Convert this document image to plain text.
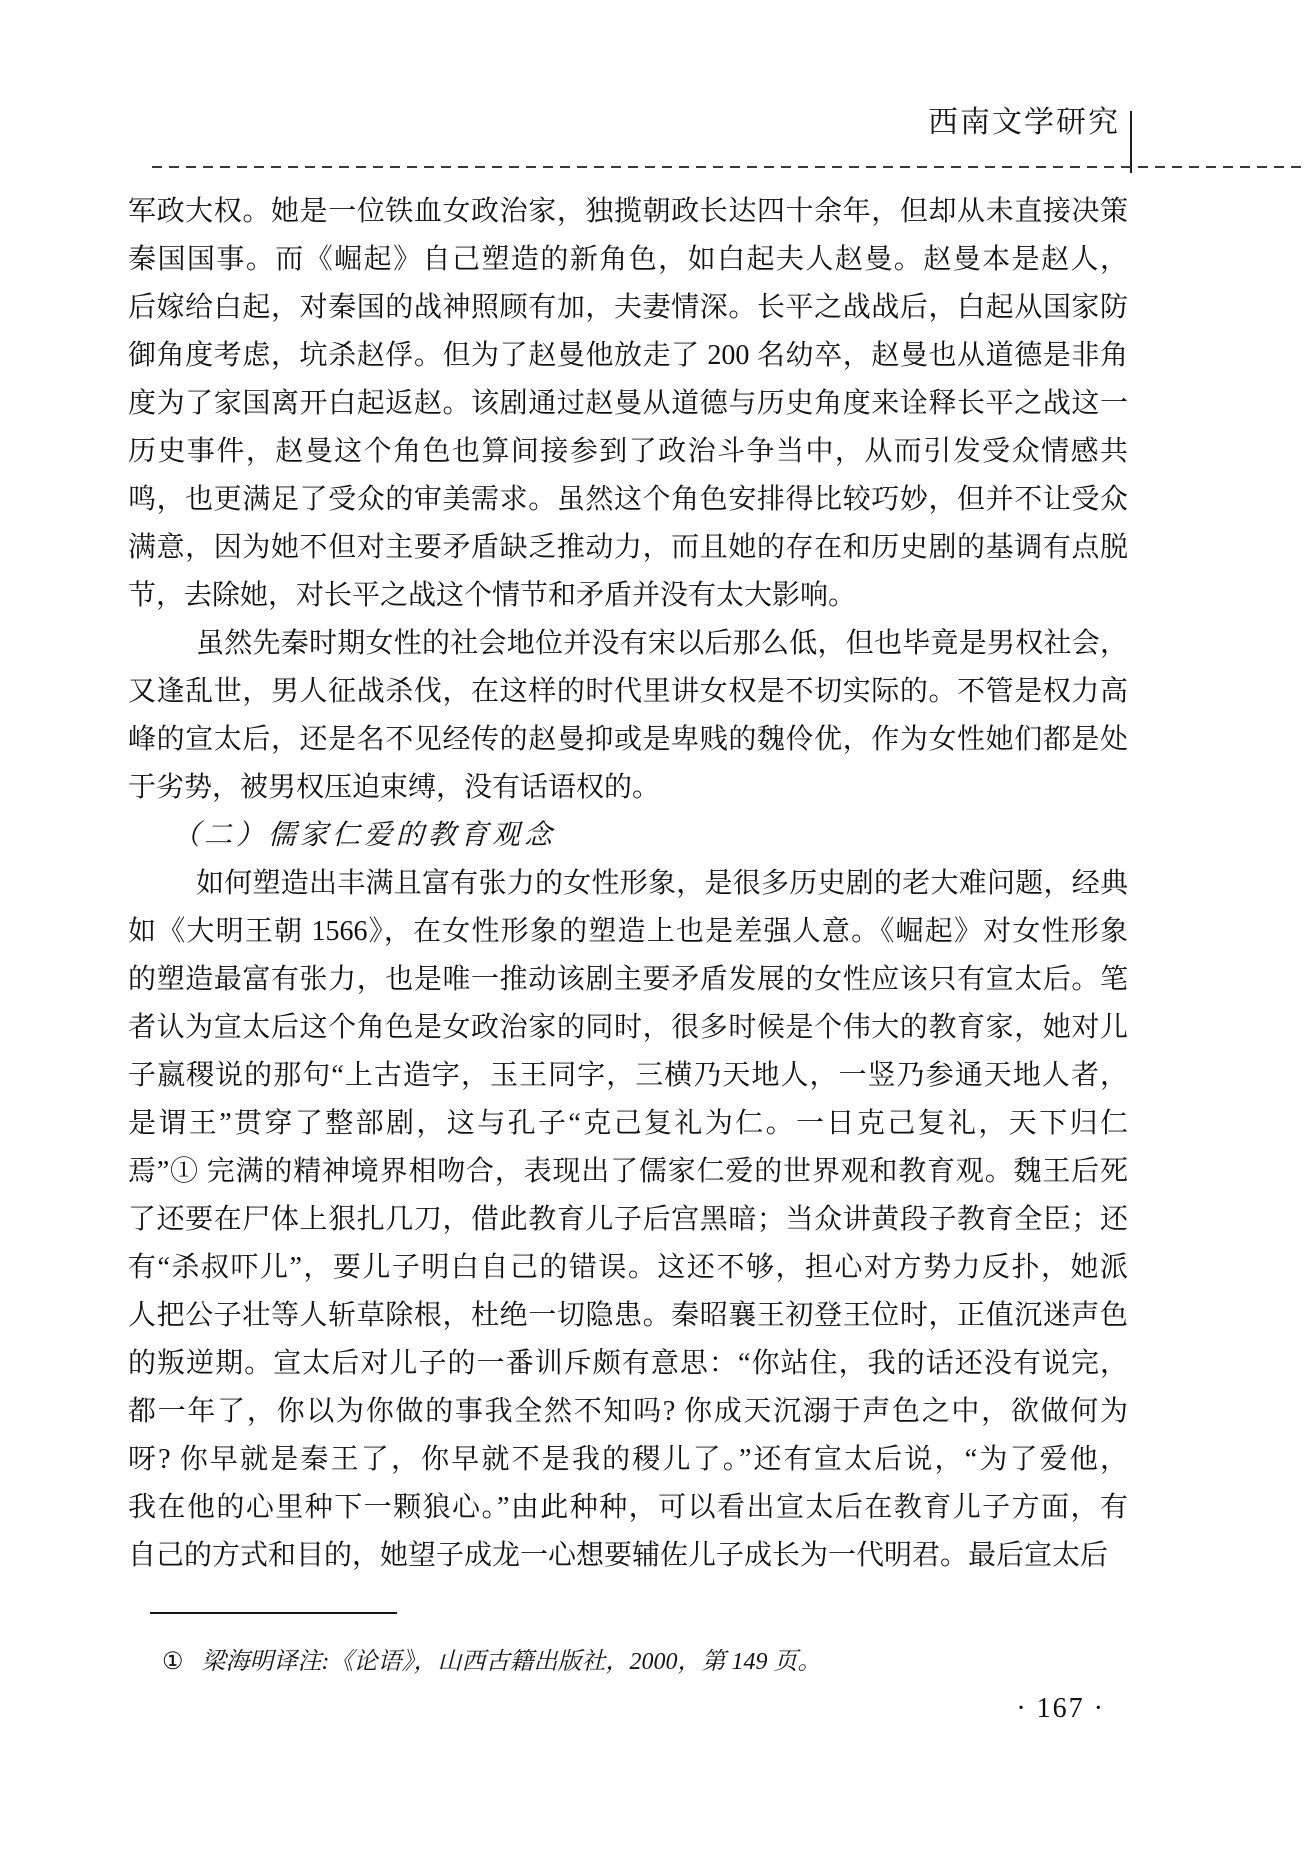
西南文学研究
军政大权。她是一位铁血女政治家，独揽朝政长达四十余年，但却从未直接决策
秦国国事。而《崛起》自己塑造的新角色，如白起夫人赵曼。赵曼本是赵人，
后嫁给白起，对秦国的战神照顾有加，夫妻情深。长平之战战后，白起从国家防
御角度考虑，坑杀赵俘。但为了赵曼他放走了 200 名幼卒，赵曼也从道德是非角
度为了家国离开白起返赵。该剧通过赵曼从道德与历史角度来诠释长平之战这一
历史事件，赵曼这个角色也算间接参到了政治斗争当中，从而引发受众情感共
鸣，也更满足了受众的审美需求。虽然这个角色安排得比较巧妙，但并不让受众
满意，因为她不但对主要矛盾缺乏推动力，而且她的存在和历史剧的基调有点脱
节，去除她，对长平之战这个情节和矛盾并没有太大影响。
虽然先秦时期女性的社会地位并没有宋以后那么低，但也毕竟是男权社会，
又逢乱世，男人征战杀伐，在这样的时代里讲女权是不切实际的。不管是权力高
峰的宣太后，还是名不见经传的赵曼抑或是卑贱的魏伶优，作为女性她们都是处
于劣势，被男权压迫束缚，没有话语权的。
（二）儒家仁爱的教育观念
如何塑造出丰满且富有张力的女性形象，是很多历史剧的老大难问题，经典
如《大明王朝 1566》，在女性形象的塑造上也是差强人意。《崛起》对女性形象
的塑造最富有张力，也是唯一推动该剧主要矛盾发展的女性应该只有宣太后。笔
者认为宣太后这个角色是女政治家的同时，很多时候是个伟大的教育家，她对儿
子嬴稷说的那句“上古造字，玉王同字，三横乃天地人，一竖乃参通天地人者，
是谓王”贯穿了整部剧，这与孔子“克己复礼为仁。一日克己复礼，天下归仁
焉”① 完满的精神境界相吻合，表现出了儒家仁爱的世界观和教育观。魏王后死
了还要在尸体上狠扎几刀，借此教育儿子后宫黑暗；当众讲黄段子教育全臣；还
有“杀叔吓儿”，要儿子明白自己的错误。这还不够，担心对方势力反扑，她派
人把公子壮等人斩草除根，杜绝一切隐患。秦昭襄王初登王位时，正值沉迷声色
的叛逆期。宣太后对儿子的一番训斥颇有意思：“你站住，我的话还没有说完，
都一年了，你以为你做的事我全然不知吗? 你成天沉溺于声色之中，欲做何为
呀? 你早就是秦王了，你早就不是我的稷儿了。”还有宣太后说，“为了爱他，
我在他的心里种下一颗狼心。”由此种种，可以看出宣太后在教育儿子方面，有
自己的方式和目的，她望子成龙一心想要辅佐儿子成长为一代明君。最后宣太后
① 梁海明译注:《论语》，山西古籍出版社，2000，第 149 页。
· 167 ·
